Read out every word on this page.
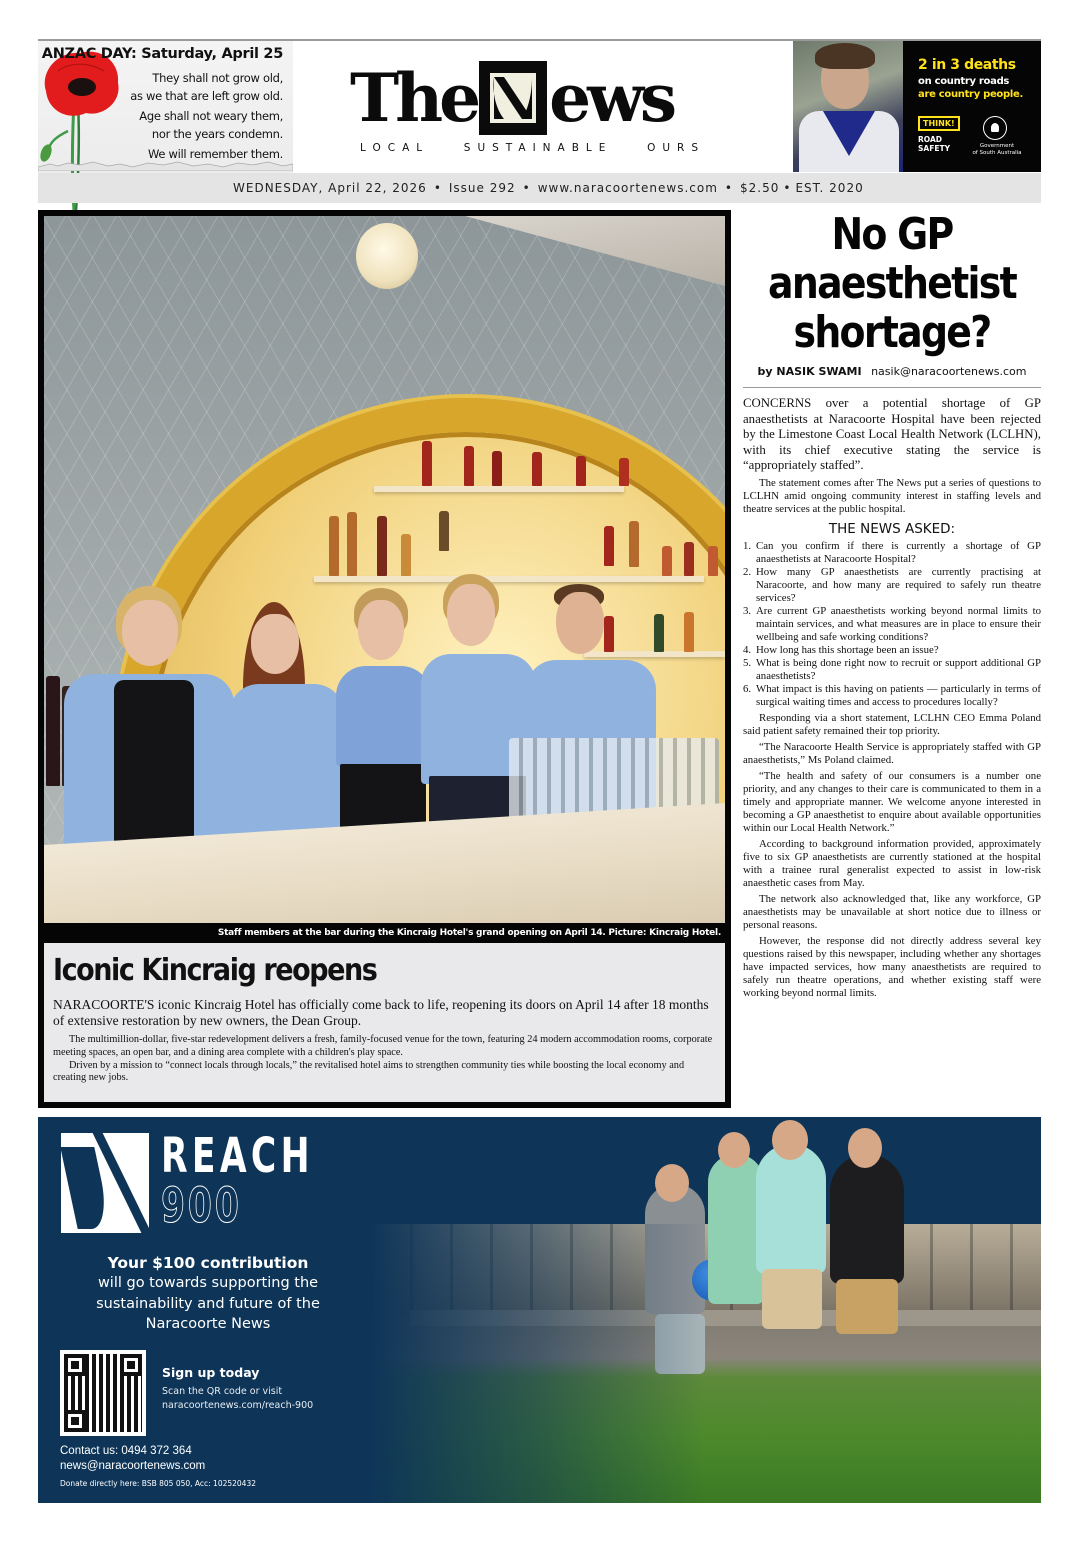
ANZAC DAY: Saturday, April 25
They shall not grow old,
as we that are left grow old.
Age shall not weary them,
nor the years condemn.
We will remember them.
The ews
LOCAL	SUSTAINABLE	OURS
2 in 3 deaths
on country roads
are country people.
THINK!
ROAD
SAFETY	Government
of South Australia
WEDNESDAY, April 22, 2026 • Issue 292 • www.naracoortenews.com • $2.50 • EST. 2020
Staff members at the bar during the Kincraig Hotel's grand opening on April 14. Picture: Kincraig Hotel.
Iconic Kincraig reopens
NARACOORTE'S iconic Kincraig Hotel has officially come back to life, reopening its doors on April 14 after 18 months of extensive restoration by new owners, the Dean Group.

The multimillion-dollar, five-star redevelopment delivers a fresh, family-focused venue for the town, featuring 24 modern accommodation rooms, corporate meeting spaces, an open bar, and a dining area complete with a children's play space.

Driven by a mission to “connect locals through locals,” the revitalised hotel aims to strengthen community ties while boosting the local economy and creating new jobs.

No GP
anaesthetist
shortage?
by NASIK SWAMI nasik@naracoortenews.com
CONCERNS over a potential shortage of GP anaesthetists at Naracoorte Hospital have been rejected by the Limestone Coast Local Health Network (LCLHN), with its chief executive stating the service is “appropriately staffed”.

The statement comes after The News put a series of questions to LCLHN amid ongoing community interest in staffing levels and theatre services at the public hospital.

THE NEWS ASKED:
1. Can you confirm if there is currently a shortage of GP anaesthetists at Naracoorte Hospital?
2. How many GP anaesthetists are currently practising at Naracoorte, and how many are required to safely run theatre services?
3. Are current GP anaesthetists working beyond normal limits to maintain services, and what measures are in place to ensure their wellbeing and safe working conditions?
4. How long has this shortage been an issue?
5. What is being done right now to recruit or support additional GP anaesthetists?
6. What impact is this having on patients — particularly in terms of surgical waiting times and access to procedures locally?

Responding via a short statement, LCLHN CEO Emma Poland said patient safety remained their top priority.

“The Naracoorte Health Service is appropriately staffed with GP anaesthetists,” Ms Poland claimed.

“The health and safety of our consumers is a number one priority, and any changes to their care is communicated to them in a timely and appropriate manner. We welcome anyone interested in becoming a GP anaesthetist to enquire about available opportunities within our Local Health Network.”

According to background information provided, approximately five to six GP anaesthetists are currently stationed at the hospital with a trainee rural generalist expected to assist in low-risk anaesthetic cases from May.

The network also acknowledged that, like any workforce, GP anaesthetists may be unavailable at short notice due to illness or personal reasons.

However, the response did not directly address several key questions raised by this newspaper, including whether any shortages have impacted services, how many anaesthetists are required to safely run theatre operations, and whether existing staff were working beyond normal limits.

REACH
900
Your $100 contribution
will go towards supporting the
sustainability and future of the
Naracoorte News
Sign up today
Scan the QR code or visit
naracoortenews.com/reach-900
Contact us: 0494 372 364
news@naracoortenews.com
Donate directly here: BSB 805 050, Acc: 102520432
